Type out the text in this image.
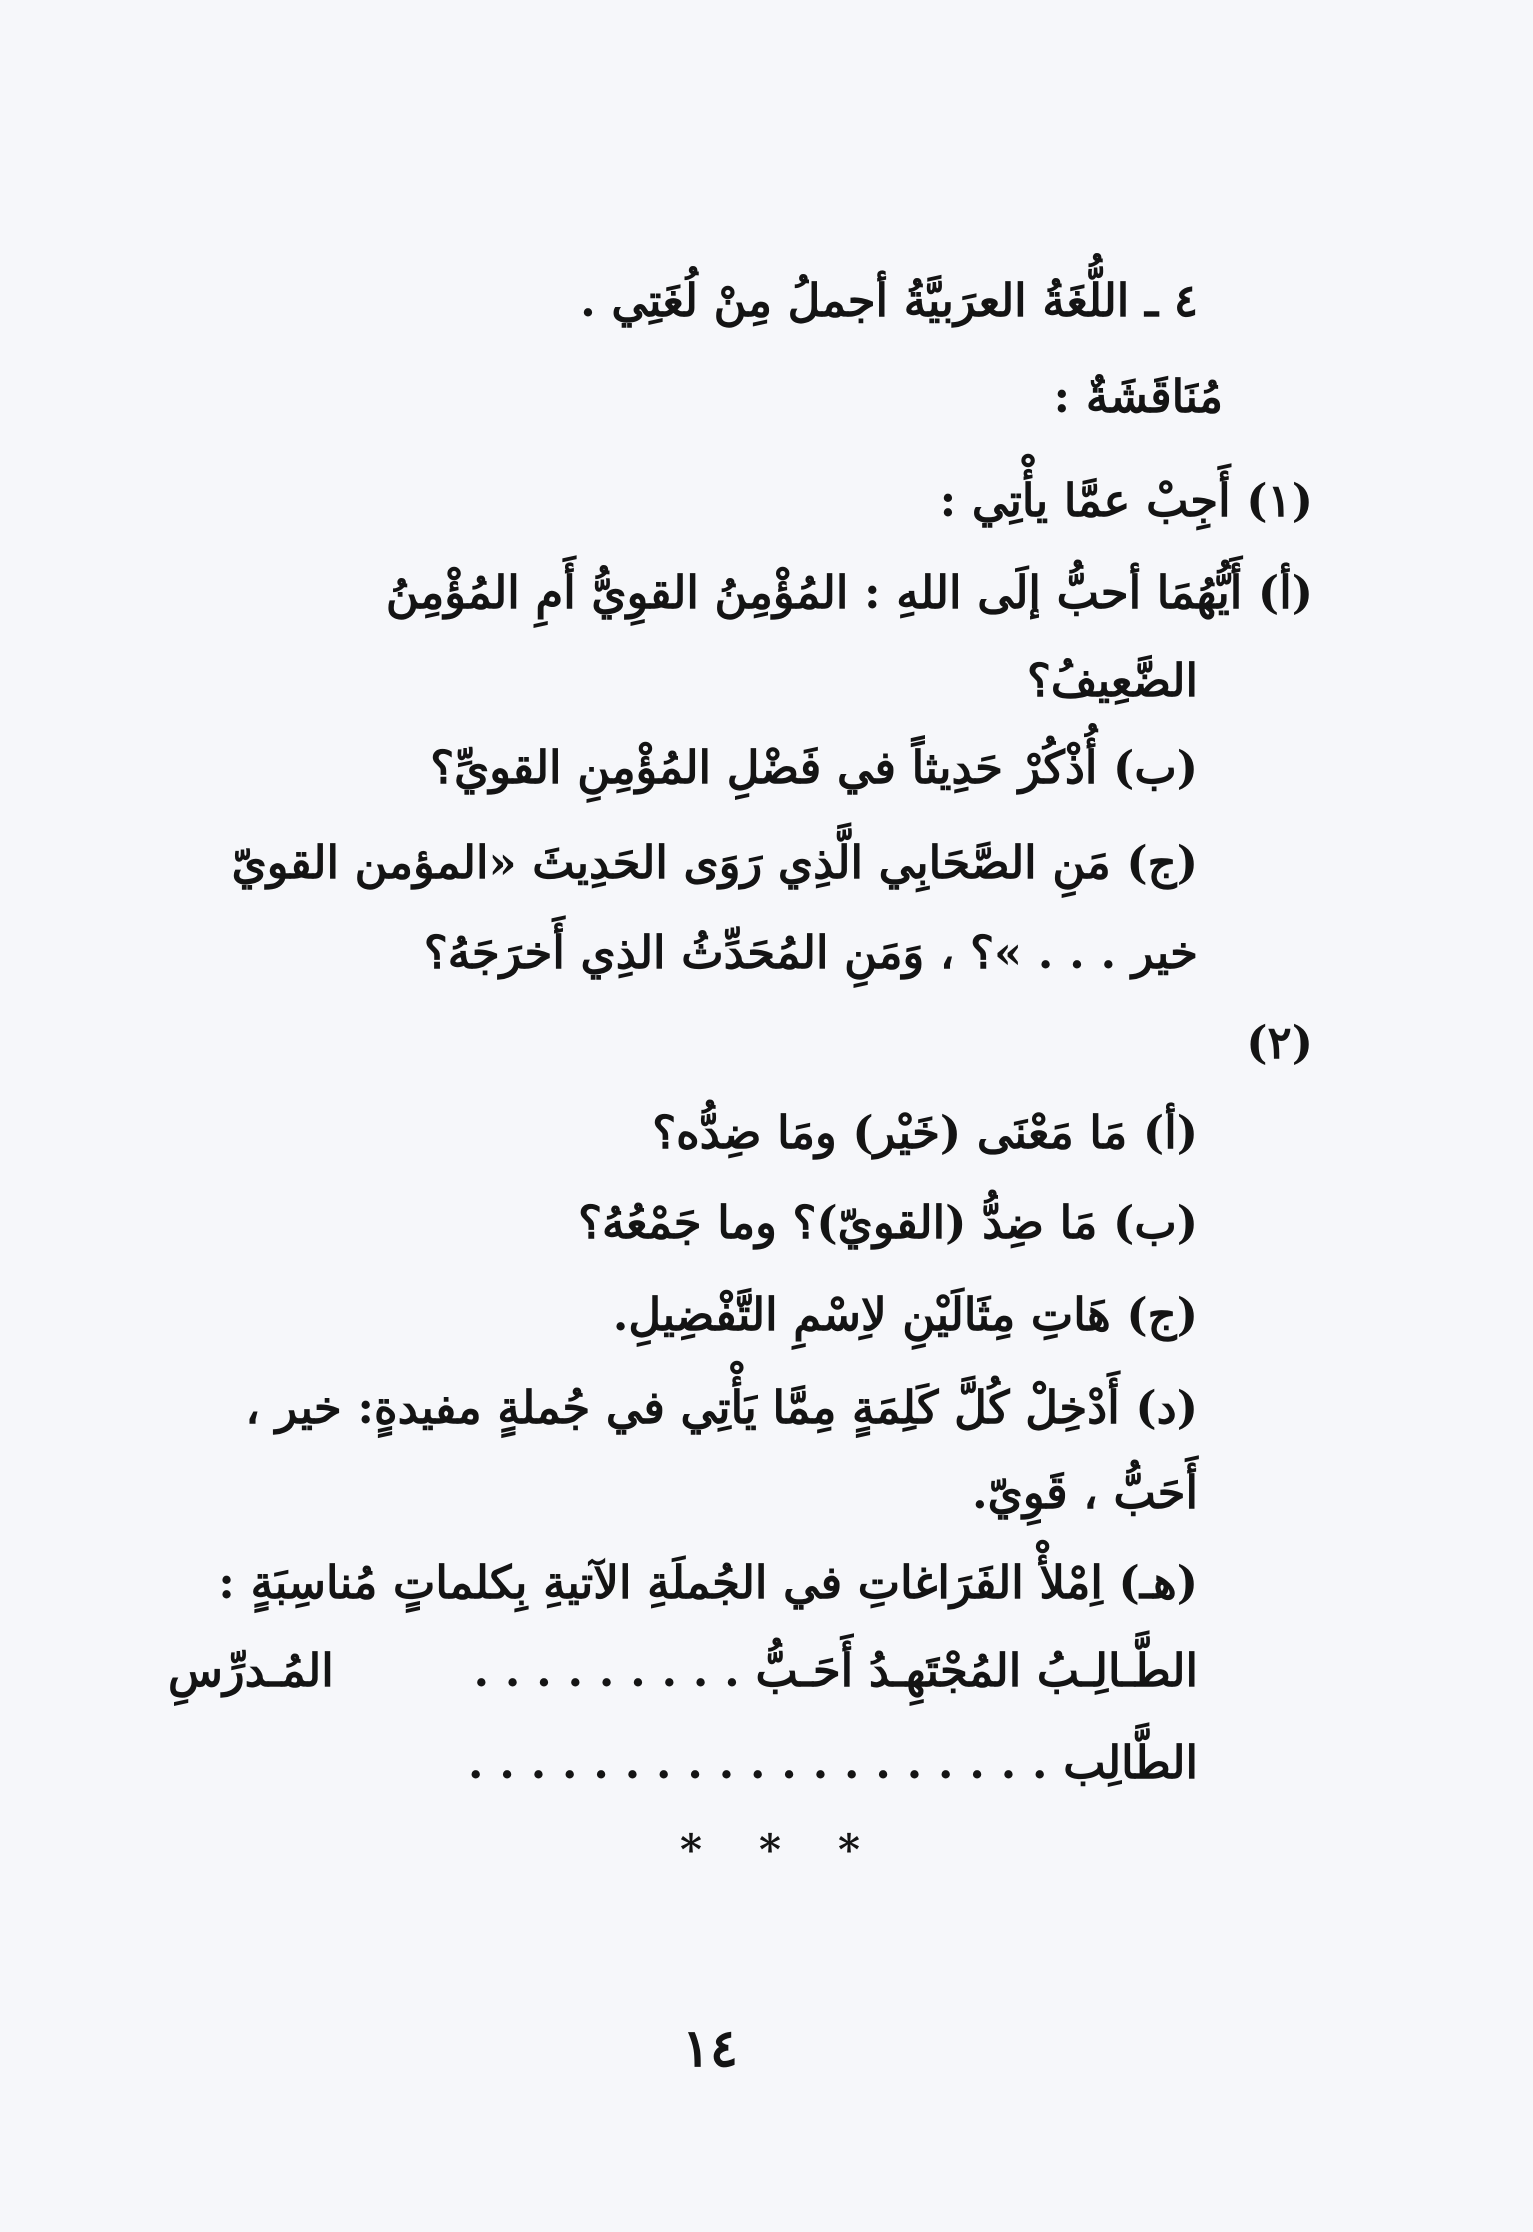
٤ ـ اللُّغَةُ العرَبيَّةُ أجملُ مِنْ لُغَتِي .
مُنَاقَشَةٌ :
(١) أَجِبْ عمَّا يأْتِي :
(أ) أَيُّهُمَا أحبُّ إلَى اللهِ : المُؤْمِنُ القوِيُّ أَمِ المُؤْمِنُ
الضَّعِيفُ؟
(ب) أُذْكُرْ حَدِيثاً في فَضْلِ المُؤْمِنِ القويِّ؟
(ج) مَنِ الصَّحَابِي الَّذِي رَوَى الحَدِيثَ «المؤمن القويّ
خير . . . »؟ ، وَمَنِ المُحَدِّثُ الذِي أَخرَجَهُ؟
(٢)
(أ) مَا مَعْنَى (خَيْر) ومَا ضِدُّه؟
(ب) مَا ضِدُّ (القويّ)؟ وما جَمْعُهُ؟
(ج) هَاتِ مِثَالَيْنِ لاِسْمِ التَّفْضِيلِ.
(د) أَدْخِلْ كُلَّ كَلِمَةٍ مِمَّا يَأْتِي في جُملةٍ مفيدةٍ: خير ،
أَحَبُّ ، قَوِيّ.
(هـ) اِمْلأْ الفَرَاغاتِ في الجُملَةِ الآتيةِ بِكلماتٍ مُناسِبَةٍ :
الطَّـالِـبُ المُجْتَهِـدُ أَحَـبُّ . . . . . . . . .
المُـدرِّسِ
الطَّالِب . . . . . . . . . . . . . . . . . . .
* * *
١٤
